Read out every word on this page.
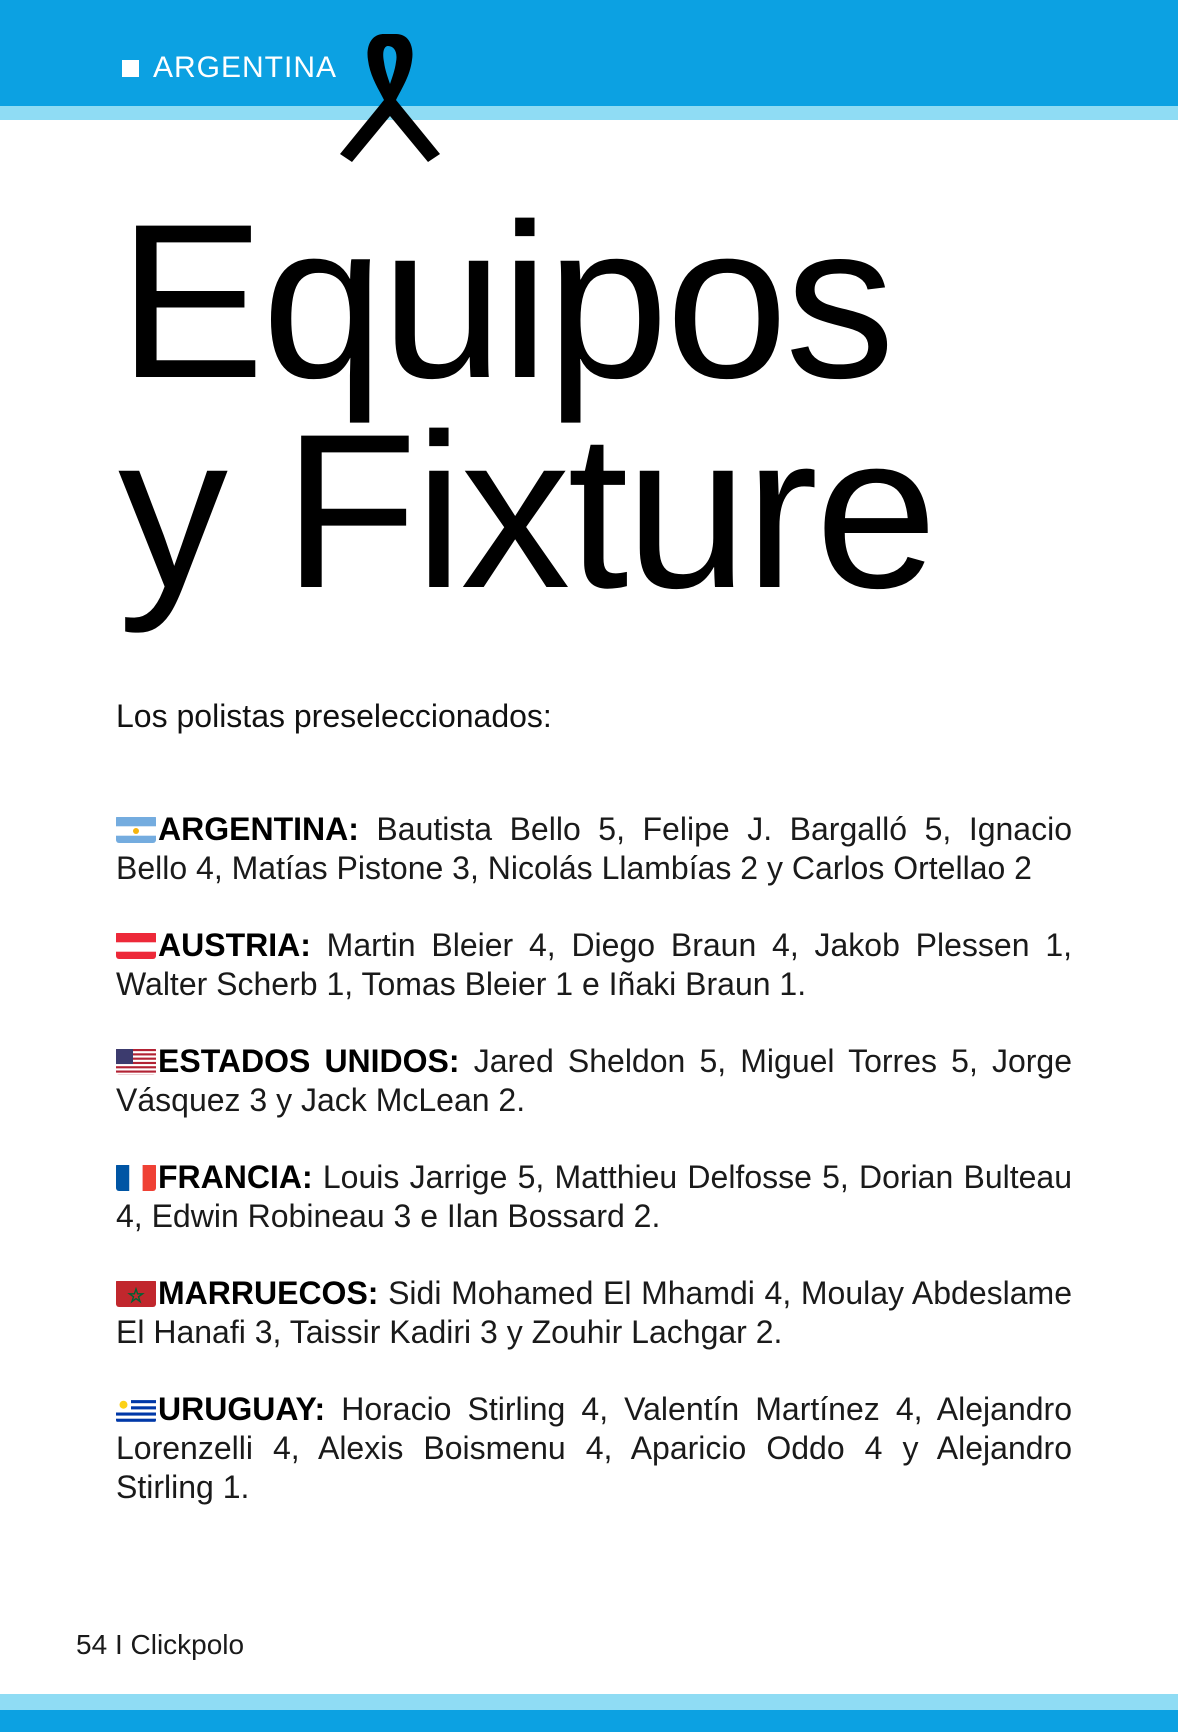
ARGENTINA
Equipos
y Fixture

Los polistas preseleccionados:

ARGENTINA: Bautista Bello 5, Felipe J. Bargalló 5, Ignacio Bello 4, Matías Pistone 3, Nicolás Llambías 2 y Carlos Ortellao 2

AUSTRIA: Martin Bleier 4, Diego Braun 4, Jakob Plessen 1, Walter Scherb 1, Tomas Bleier 1 e Iñaki Braun 1.

ESTADOS UNIDOS: Jared Sheldon 5, Miguel Torres 5, Jorge Vásquez 3 y Jack McLean 2.

FRANCIA: Louis Jarrige 5, Matthieu Delfosse 5, Dorian Bulteau 4, Edwin Robineau 3 e Ilan Bossard 2.

MARRUECOS: Sidi Mohamed El Mhamdi 4, Moulay Abdeslame El Hanafi 3, Taissir Kadiri 3 y Zouhir Lachgar 2.

URUGUAY: Horacio Stirling 4, Valentín Martínez 4, Alejandro Lorenzelli 4, Alexis Boismenu 4, Aparicio Oddo 4 y Alejandro Stirling 1.

54 I Clickpolo
